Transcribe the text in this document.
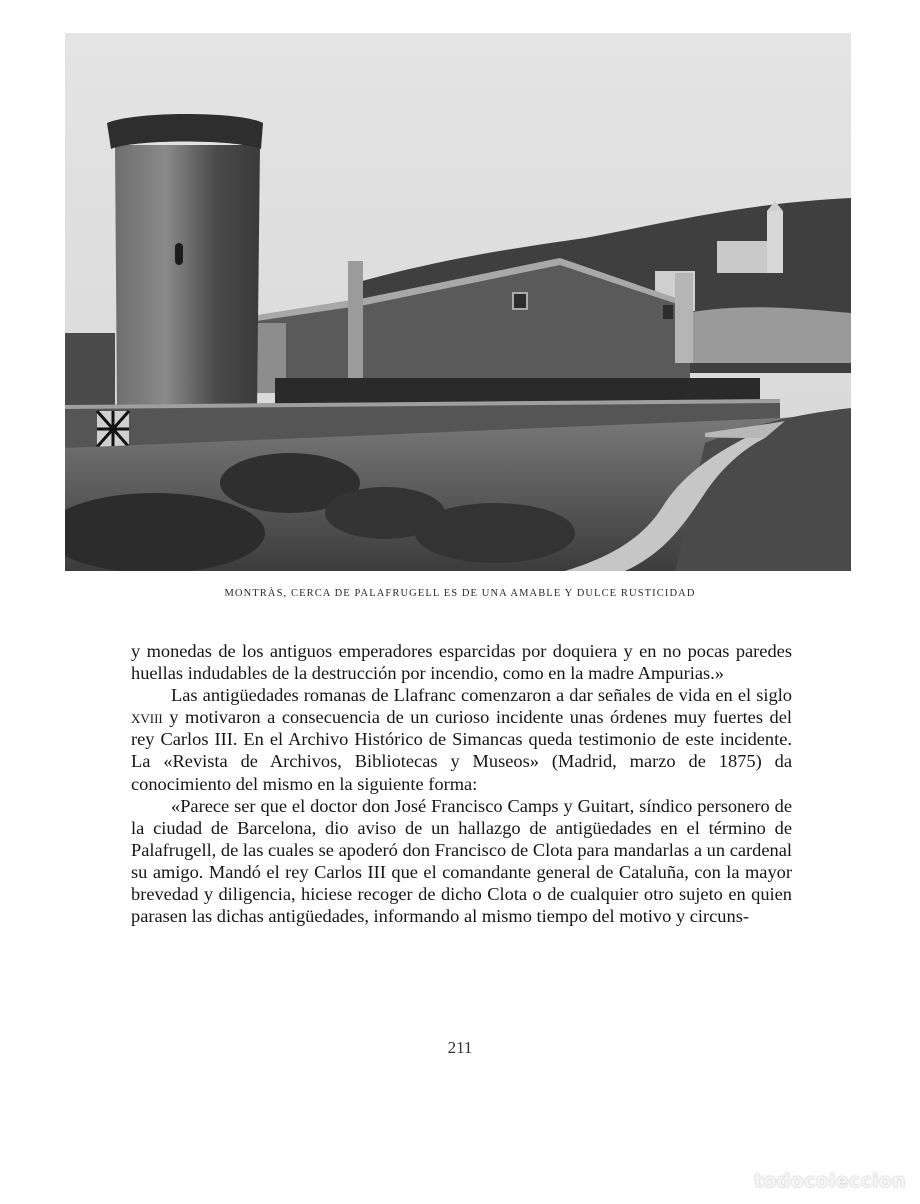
MONTRÀS, CERCA DE PALAFRUGELL ES DE UNA AMABLE Y DULCE RUSTICIDAD

y monedas de los antiguos emperadores esparcidas por doquiera y en no pocas paredes huellas indudables de la destrucción por incendio, como en la madre Ampurias.»

Las antigüedades romanas de Llafranc comenzaron a dar señales de vida en el siglo xviii y motivaron a consecuencia de un curioso incidente unas órdenes muy fuertes del rey Carlos III. En el Archivo Histórico de Simancas queda testimonio de este incidente. La «Revista de Archivos, Bibliotecas y Museos» (Madrid, marzo de 1875) da conocimiento del mismo en la siguiente forma:

«Parece ser que el doctor don José Francisco Camps y Guitart, síndico personero de la ciudad de Barcelona, dio aviso de un hallazgo de antigüedades en el término de Palafrugell, de las cuales se apoderó don Francisco de Clota para mandarlas a un cardenal su amigo. Mandó el rey Carlos III que el comandante general de Cataluña, con la mayor brevedad y diligencia, hiciese recoger de dicho Clota o de cualquier otro sujeto en quien parasen las dichas antigüedades, informando al mismo tiempo del motivo y circuns-

211
todocoleccion
